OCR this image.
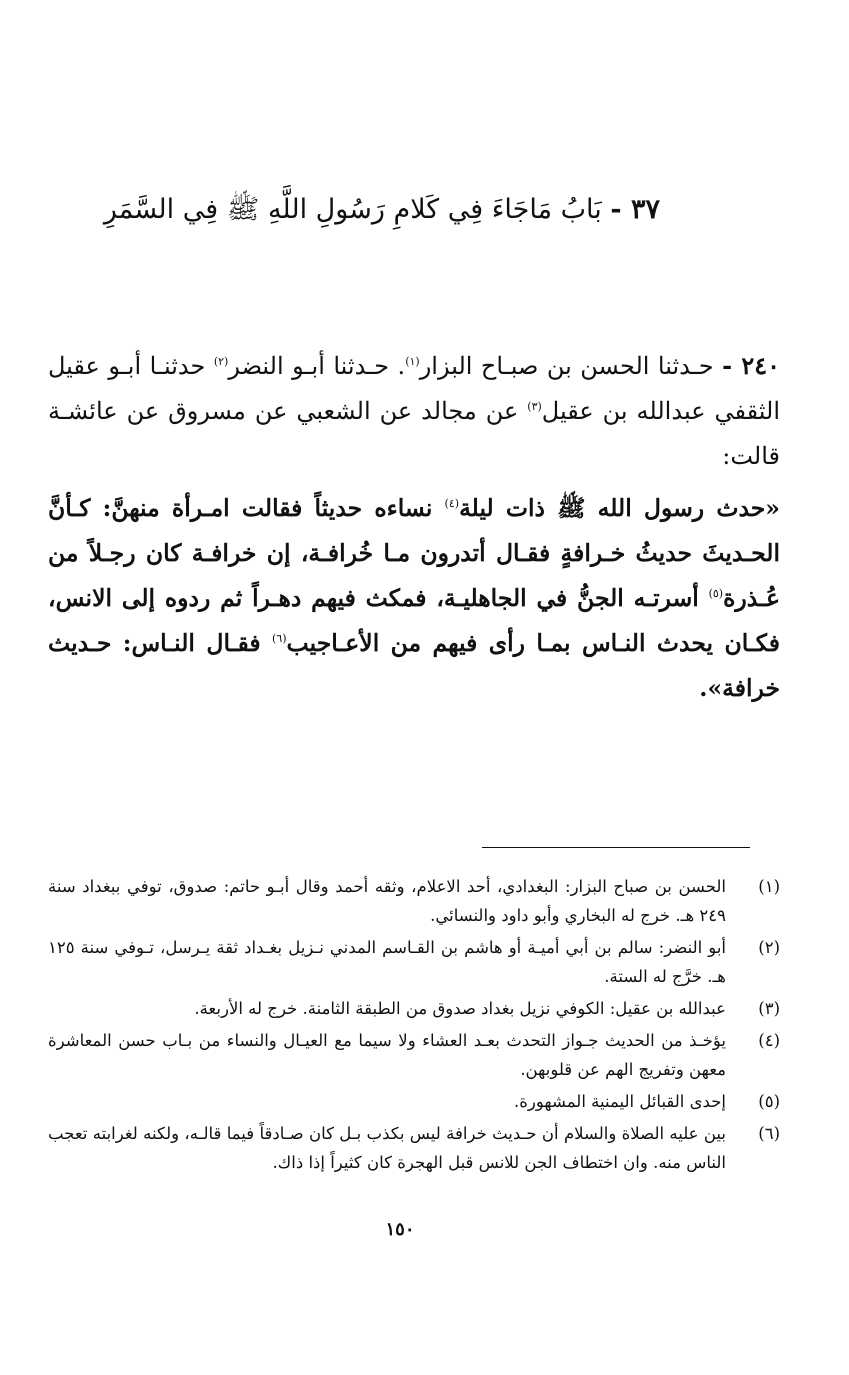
٣٧ - بَابُ مَاجَاءَ فِي كَلامِ رَسُولِ اللَّهِ ﷺ فِي السَّمَرِ
٢٤٠ - حـدثنا الحسن بن صبـاح البزار$^{(١)}$. حـدثنا أبـو النضر$^{(٢)}$ حدثنـا أبـو عقيل الثقفي عبدالله بن عقيل$^{(٣)}$ عن مجالد عن الشعبي عن مسروق عن عائشـة قالت:
«حدث رسول الله ﷺ ذات ليلة$^{(٤)}$ نساءه حديثاً فقالت امـرأة منهنَّ: كـأنَّ الحـديثَ حديثُ خـرافةٍ فقـال أتدرون مـا خُرافـة، إن خرافـة كان رجـلاً من عُـذرة$^{(٥)}$ أسرتـه الجنُّ في الجاهليـة، فمكث فيهم دهـراً ثم ردوه إلى الانس، فكـان يحدث النـاس بمـا رأى فيهم من الأعـاجيب$^{(٦)}$ فقـال النـاس: حـديث خرافة».
(١)
الحسن بن صباح البزار: البغدادي، أحد الاعلام، وثقه أحمد وقال أبـو حاتم: صدوق، توفي ببغداد سنة ٢٤٩ هـ. خرج له البخاري وأبو داود والنسائي.
(٢)
أبو النضر: سالم بن أبي أميـة أو هاشم بن القـاسم المدني نـزيل بغـداد ثقة يـرسل، تـوفي سنة ١٢٥ هـ. خرَّج له الستة.
(٣)
عبدالله بن عقيل: الكوفي نزيل بغداد صدوق من الطبقة الثامنة. خرج له الأربعة.
(٤)
يؤخـذ من الحديث جـواز التحدث بعـد العشاء ولا سيما مع العيـال والنساء من بـاب حسن المعاشرة معهن وتفريج الهم عن قلوبهن.
(٥)
إحدى القبائل اليمنية المشهورة.
(٦)
بين عليه الصلاة والسلام أن حـديث خرافة ليس بكذب بـل كان صـادقاً فيما قالـه، ولكنه لغرابته تعجب الناس منه. وان اختطاف الجن للانس قبل الهجرة كان كثيراً إذا ذاك.
١٥٠
